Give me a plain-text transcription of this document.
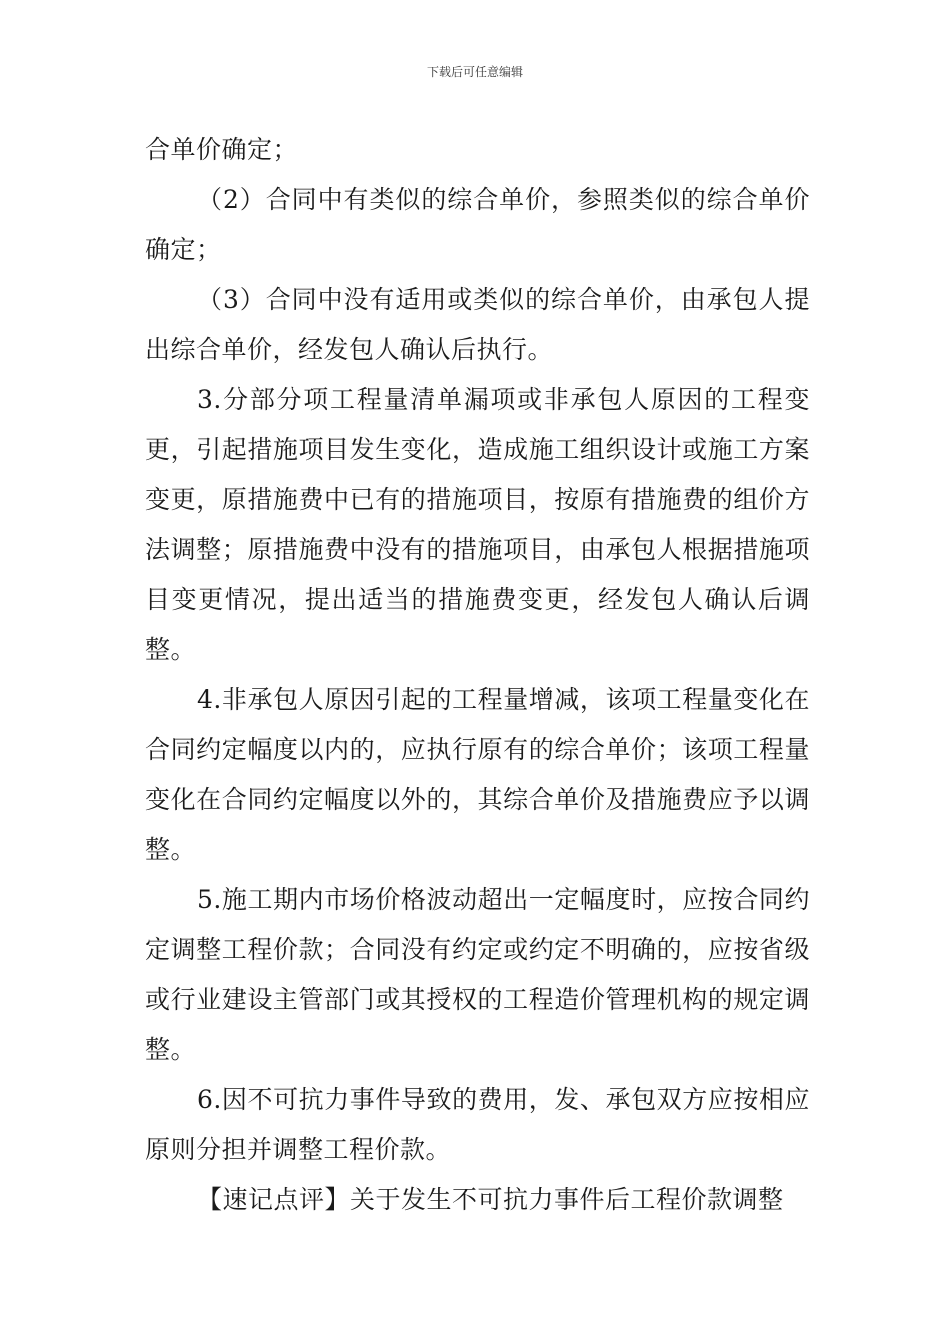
下载后可任意编辑

合单价确定；

（2）合同中有类似的综合单价，参照类似的综合单价确定；

（3）合同中没有适用或类似的综合单价，由承包人提出综合单价，经发包人确认后执行。

3.分部分项工程量清单漏项或非承包人原因的工程变更，引起措施项目发生变化，造成施工组织设计或施工方案变更，原措施费中已有的措施项目，按原有措施费的组价方法调整；原措施费中没有的措施项目，由承包人根据措施项目变更情况，提出适当的措施费变更，经发包人确认后调整。

4.非承包人原因引起的工程量增减，该项工程量变化在合同约定幅度以内的，应执行原有的综合单价；该项工程量变化在合同约定幅度以外的，其综合单价及措施费应予以调整。

5.施工期内市场价格波动超出一定幅度时，应按合同约定调整工程价款；合同没有约定或约定不明确的，应按省级或行业建设主管部门或其授权的工程造价管理机构的规定调整。

6.因不可抗力事件导致的费用，发、承包双方应按相应原则分担并调整工程价款。

【速记点评】关于发生不可抗力事件后工程价款调整
